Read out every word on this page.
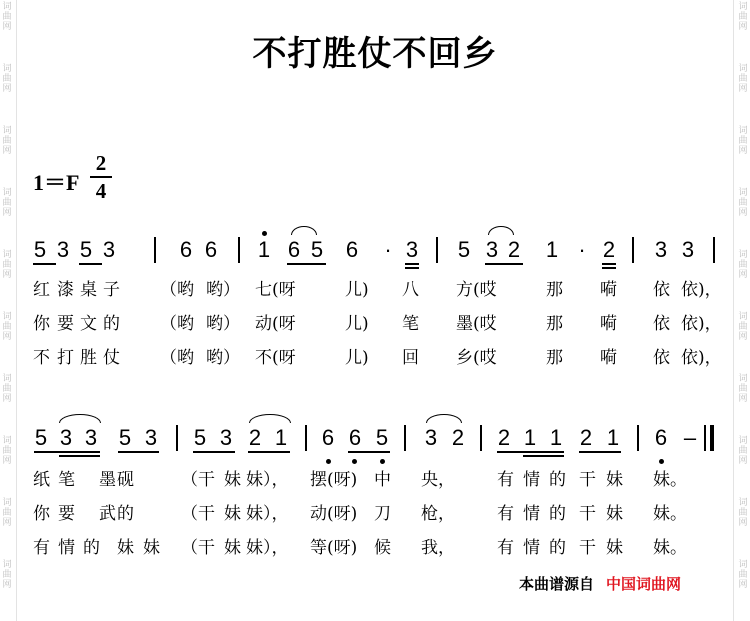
词
曲
网
词
曲
网
词
曲
网
词
曲
网
词
曲
网
词
曲
网
词
曲
网
词
曲
网
词
曲
网
词
曲
网
词
曲
网
词
曲
网
词
曲
网
词
曲
网
词
曲
网
词
曲
网
词
曲
网
词
曲
网
词
曲
网
词
曲
网
不打胜仗不回乡
1＝F
2
4
5 3 5 3	6 6 1 6 5 6 · 3 5 3 2 1 · 2 3 3
红 漆 桌 子 （哟 哟） 七(呀	儿) 八 方(哎	那 嗬 依 依)，
你 要 文 的 （哟 哟） 动(呀	儿) 笔 墨(哎	那 嗬 依 依)，
不 打 胜 仗 （哟 哟） 不(呀	儿) 回 乡(哎	那 嗬 依 依)，
5 3 3 5 3 5 3 2 1 6 6 5 3 2 2 1 1 2 1 6 –
纸 笔 墨 砚	（干 妹 妹）， 摆(呀) 中 央， 有 情 的 干 妹 妹。
你 要 武 的	（干 妹 妹）， 动(呀) 刀 枪， 有 情 的 干 妹 妹。
有 情 的 妹 妹 （干 妹 妹）， 等(呀) 候 我， 有 情 的 干 妹 妹。
本曲谱源自 中国词曲网
